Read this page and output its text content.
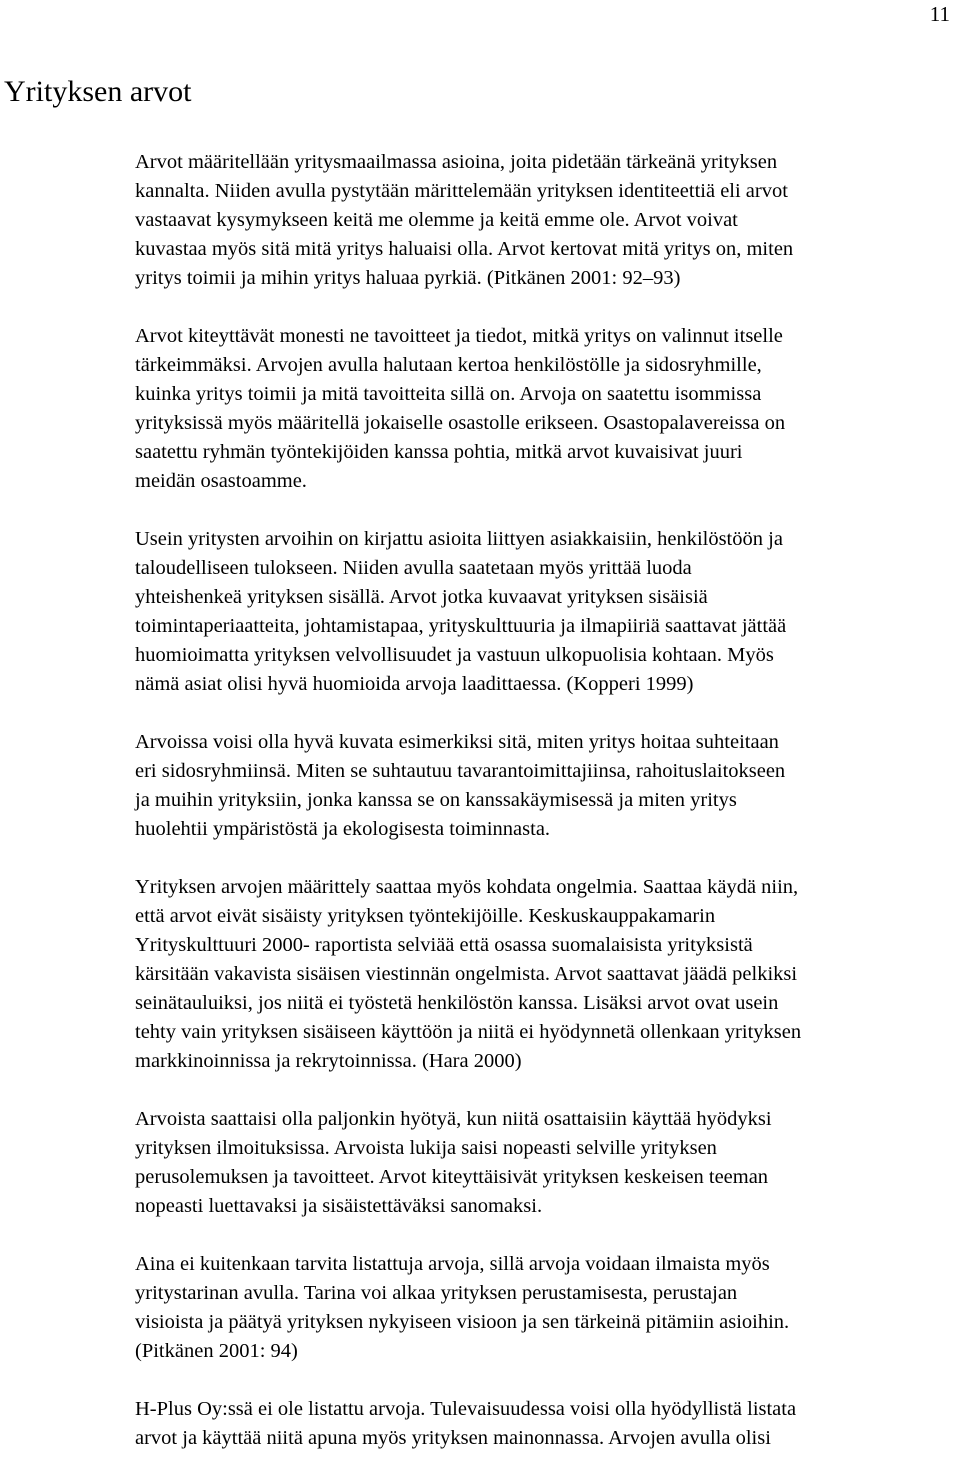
11
Yrityksen arvot

Arvot määritellään yritysmaailmassa asioina, joita pidetään tärkeänä yrityksen
kannalta. Niiden avulla pystytään märittelemään yrityksen identiteettiä eli arvot
vastaavat kysymykseen keitä me olemme ja keitä emme ole. Arvot voivat
kuvastaa myös sitä mitä yritys haluaisi olla. Arvot kertovat mitä yritys on, miten
yritys toimii ja mihin yritys haluaa pyrkiä. (Pitkänen 2001: 92–93)

Arvot kiteyttävät monesti ne tavoitteet ja tiedot, mitkä yritys on valinnut itselle
tärkeimmäksi. Arvojen avulla halutaan kertoa henkilöstölle ja sidosryhmille,
kuinka yritys toimii ja mitä tavoitteita sillä on. Arvoja on saatettu isommissa
yrityksissä myös määritellä jokaiselle osastolle erikseen. Osastopalavereissa on
saatettu ryhmän työntekijöiden kanssa pohtia, mitkä arvot kuvaisivat juuri
meidän osastoamme.

Usein yritysten arvoihin on kirjattu asioita liittyen asiakkaisiin, henkilöstöön ja
taloudelliseen tulokseen. Niiden avulla saatetaan myös yrittää luoda
yhteishenkeä yrityksen sisällä. Arvot jotka kuvaavat yrityksen sisäisiä
toimintaperiaatteita, johtamistapaa, yrityskulttuuria ja ilmapiiriä saattavat jättää
huomioimatta yrityksen velvollisuudet ja vastuun ulkopuolisia kohtaan. Myös
nämä asiat olisi hyvä huomioida arvoja laadittaessa. (Kopperi 1999)

Arvoissa voisi olla hyvä kuvata esimerkiksi sitä, miten yritys hoitaa suhteitaan
eri sidosryhmiinsä. Miten se suhtautuu tavarantoimittajiinsa, rahoituslaitokseen
ja muihin yrityksiin, jonka kanssa se on kanssakäymisessä ja miten yritys
huolehtii ympäristöstä ja ekologisesta toiminnasta.

Yrityksen arvojen määrittely saattaa myös kohdata ongelmia. Saattaa käydä niin,
että arvot eivät sisäisty yrityksen työntekijöille. Keskuskauppakamarin
Yrityskulttuuri 2000- raportista selviää että osassa suomalaisista yrityksistä
kärsitään vakavista sisäisen viestinnän ongelmista. Arvot saattavat jäädä pelkiksi
seinätauluiksi, jos niitä ei työstetä henkilöstön kanssa. Lisäksi arvot ovat usein
tehty vain yrityksen sisäiseen käyttöön ja niitä ei hyödynnetä ollenkaan yrityksen
markkinoinnissa ja rekrytoinnissa. (Hara 2000)

Arvoista saattaisi olla paljonkin hyötyä, kun niitä osattaisiin käyttää hyödyksi
yrityksen ilmoituksissa. Arvoista lukija saisi nopeasti selville yrityksen
perusolemuksen ja tavoitteet. Arvot kiteyttäisivät yrityksen keskeisen teeman
nopeasti luettavaksi ja sisäistettäväksi sanomaksi.

Aina ei kuitenkaan tarvita listattuja arvoja, sillä arvoja voidaan ilmaista myös
yritystarinan avulla. Tarina voi alkaa yrityksen perustamisesta, perustajan
visioista ja päätyä yrityksen nykyiseen visioon ja sen tärkeinä pitämiin asioihin.
(Pitkänen 2001: 94)

H-Plus Oy:ssä ei ole listattu arvoja. Tulevaisuudessa voisi olla hyödyllistä listata
arvot ja käyttää niitä apuna myös yrityksen mainonnassa. Arvojen avulla olisi
